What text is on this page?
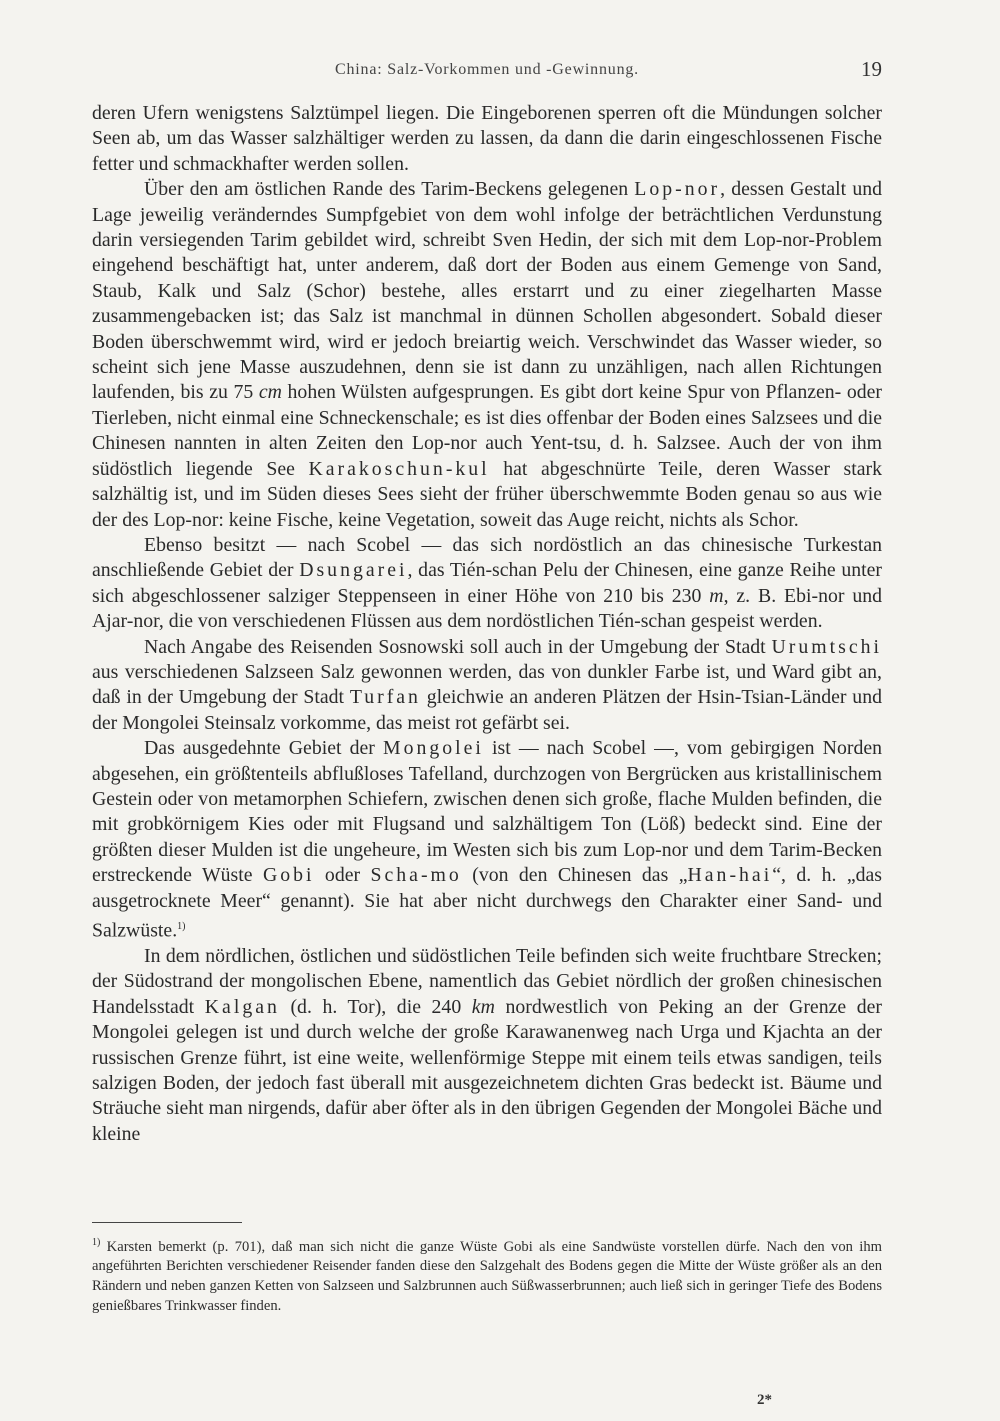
China: Salz-Vorkommen und -Gewinnung.	19

deren Ufern wenigstens Salztümpel liegen. Die Eingeborenen sperren oft die Mündungen solcher Seen ab, um das Wasser salzhältiger werden zu lassen, da dann die darin eingeschlossenen Fische fetter und schmackhafter werden sollen.

Über den am östlichen Rande des Tarim-Beckens gelegenen Lop-nor, dessen Gestalt und Lage jeweilig veränderndes Sumpfgebiet von dem wohl infolge der beträchtlichen Verdunstung darin versiegenden Tarim gebildet wird, schreibt Sven Hedin, der sich mit dem Lop-nor-Problem eingehend beschäftigt hat, unter anderem, daß dort der Boden aus einem Gemenge von Sand, Staub, Kalk und Salz (Schor) bestehe, alles erstarrt und zu einer ziegelharten Masse zusammengebacken ist; das Salz ist manchmal in dünnen Schollen abgesondert. Sobald dieser Boden überschwemmt wird, wird er jedoch breiartig weich. Verschwindet das Wasser wieder, so scheint sich jene Masse auszudehnen, denn sie ist dann zu unzähligen, nach allen Richtungen laufenden, bis zu 75 cm hohen Wülsten aufgesprungen. Es gibt dort keine Spur von Pflanzen- oder Tierleben, nicht einmal eine Schneckenschale; es ist dies offenbar der Boden eines Salzsees und die Chinesen nannten in alten Zeiten den Lop-nor auch Yent-tsu, d. h. Salzsee. Auch der von ihm südöstlich liegende See Karakoschun-kul hat abgeschnürte Teile, deren Wasser stark salzhältig ist, und im Süden dieses Sees sieht der früher überschwemmte Boden genau so aus wie der des Lop-nor: keine Fische, keine Vegetation, soweit das Auge reicht, nichts als Schor.

Ebenso besitzt — nach Scobel — das sich nordöstlich an das chinesische Turkestan anschließende Gebiet der Dsungarei, das Tién-schan Pelu der Chinesen, eine ganze Reihe unter sich abgeschlossener salziger Steppenseen in einer Höhe von 210 bis 230 m, z. B. Ebi-nor und Ajar-nor, die von verschiedenen Flüssen aus dem nordöstlichen Tién-schan gespeist werden.

Nach Angabe des Reisenden Sosnowski soll auch in der Umgebung der Stadt Urumtschi aus verschiedenen Salzseen Salz gewonnen werden, das von dunkler Farbe ist, und Ward gibt an, daß in der Umgebung der Stadt Turfan gleichwie an anderen Plätzen der Hsin-Tsian-Länder und der Mongolei Steinsalz vorkomme, das meist rot gefärbt sei.

Das ausgedehnte Gebiet der Mongolei ist — nach Scobel —, vom gebirgigen Norden abgesehen, ein größtenteils abflußloses Tafelland, durchzogen von Bergrücken aus kristallinischem Gestein oder von metamorphen Schiefern, zwischen denen sich große, flache Mulden befinden, die mit grobkörnigem Kies oder mit Flugsand und salzhältigem Ton (Löß) bedeckt sind. Eine der größten dieser Mulden ist die ungeheure, im Westen sich bis zum Lop-nor und dem Tarim-Becken erstreckende Wüste Gobi oder Scha-mo (von den Chinesen das „Han-hai“, d. h. „das ausgetrocknete Meer“ genannt). Sie hat aber nicht durchwegs den Charakter einer Sand- und Salzwüste.$^{1)}$

In dem nördlichen, östlichen und südöstlichen Teile befinden sich weite fruchtbare Strecken; der Südostrand der mongolischen Ebene, namentlich das Gebiet nördlich der großen chinesischen Handelsstadt Kalgan (d. h. Tor), die 240 km nordwestlich von Peking an der Grenze der Mongolei gelegen ist und durch welche der große Karawanenweg nach Urga und Kjachta an der russischen Grenze führt, ist eine weite, wellenförmige Steppe mit einem teils etwas sandigen, teils salzigen Boden, der jedoch fast überall mit ausgezeichnetem dichten Gras bedeckt ist. Bäume und Sträuche sieht man nirgends, dafür aber öfter als in den übrigen Gegenden der Mongolei Bäche und kleine

$^{1)}$ Karsten bemerkt (p. 701), daß man sich nicht die ganze Wüste Gobi als eine Sandwüste vorstellen dürfe. Nach den von ihm angeführten Berichten verschiedener Reisender fanden diese den Salzgehalt des Bodens gegen die Mitte der Wüste größer als an den Rändern und neben ganzen Ketten von Salzseen und Salzbrunnen auch Süßwasserbrunnen; auch ließ sich in geringer Tiefe des Bodens genießbares Trinkwasser finden.
2*
